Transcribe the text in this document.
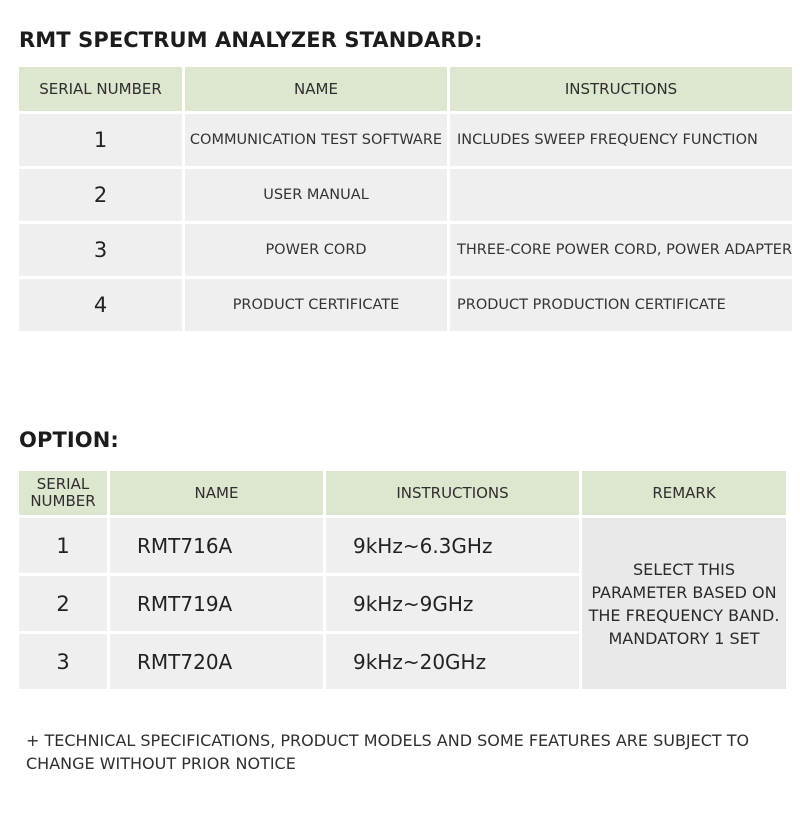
RMT SPECTRUM ANALYZER STANDARD:
SERIAL NUMBER	NAME	INSTRUCTIONS
1	COMMUNICATION TEST SOFTWARE	INCLUDES SWEEP FREQUENCY FUNCTION
2	USER MANUAL	
3	POWER CORD	THREE-CORE POWER CORD, POWER ADAPTER
4	PRODUCT CERTIFICATE	PRODUCT PRODUCTION CERTIFICATE
OPTION:
SERIAL NUMBER	NAME	INSTRUCTIONS	REMARK
1	RMT716A	9kHz~6.3GHz	SELECT THIS PARAMETER BASED ON THE FREQUENCY BAND. MANDATORY 1 SET
2	RMT719A	9kHz~9GHz	
3	RMT720A	9kHz~20GHz	

+ TECHNICAL SPECIFICATIONS, PRODUCT MODELS AND SOME FEATURES ARE SUBJECT TO CHANGE WITHOUT PRIOR NOTICE
